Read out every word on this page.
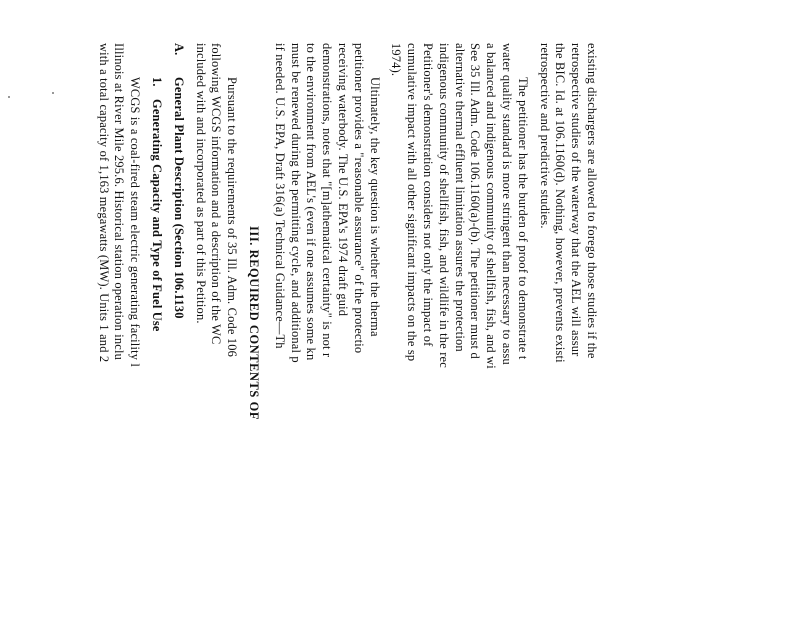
existing dischargers are allowed to forego those studies if the
retrospective studies of the waterway that the AEL will assur
the BIC. Id. at 106.1160(d). Nothing, however, prevents existi
retrospective and predictive studies.

The petitioner has the burden of proof to demonstrate t
water quality standard is more stringent than necessary to assu
a balanced and indigenous community of shellfish, fish, and wi
See 35 Ill. Adm. Code 106.1160(a)-(b). The petitioner must d
alternative thermal effluent limitation assures the protection
indigenous community of shellfish, fish, and wildlife in the rec
Petitioner's demonstration considers not only the impact of
cumulative impact with all other significant impacts on the sp
1974).

Ultimately, the key question is whether the therma
petitioner provides a "reasonable assurance" of the protectio
receiving waterbody. The U.S. EPA's 1974 draft guid
demonstrations, notes that "[m]athematical certainty" is not r
to the environment from AEL's (even if one assumes some kn
must be renewed during the permitting cycle, and additional p
if needed. U.S. EPA, Draft 316(a) Technical Guidance—Th

III. REQUIRED CONTENTS OF

Pursuant to the requirements of 35 Ill. Adm. Code 106
following WCGS information and a description of the WC
included with and incorporated as part of this Petition.

A.General Plant Description (Section 106.1130
1.Generating Capacity and Type of Fuel Use

WCGS is a coal-fired steam electric generating facility l
Illinois at River Mile 295.6. Historical station operation inclu
with a total capacity of 1,163 megawatts (MW). Units 1 and 2
